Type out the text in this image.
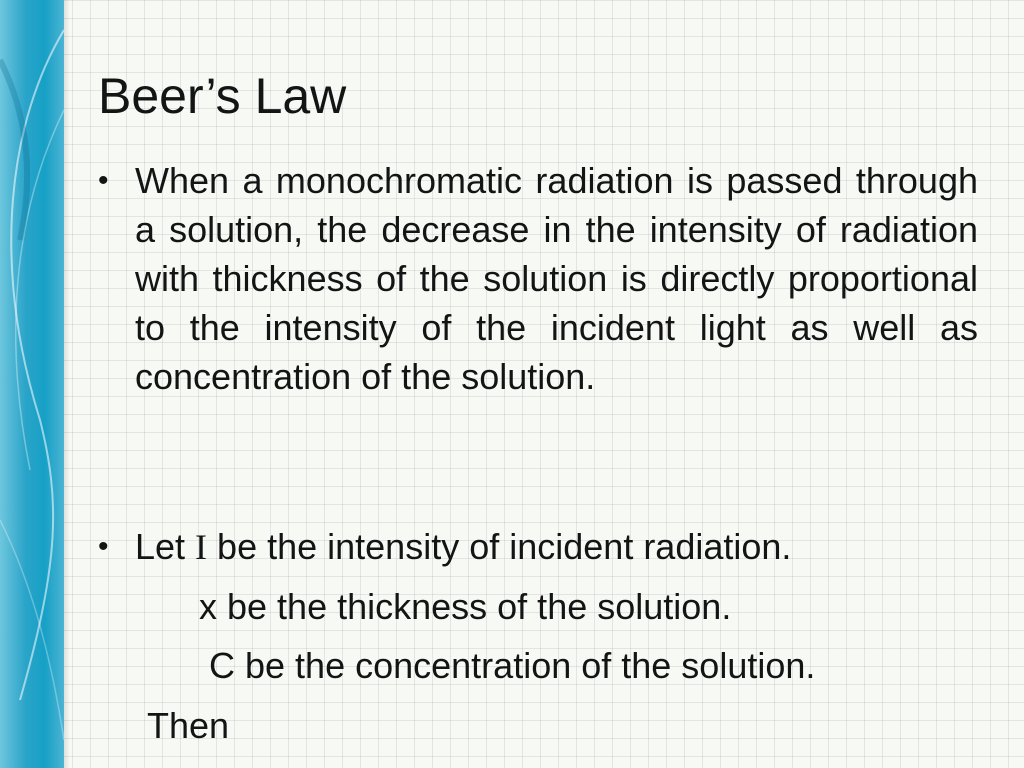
Beer’s Law
• When a monochromatic radiation is passed through a solution, the decrease in the intensity of radiation with thickness of the solution is directly proportional to the intensity of the incident light as well as concentration of the solution.
• Let I be the intensity of incident radiation.
x be the thickness of the solution.
C be the concentration of the solution.
Then
